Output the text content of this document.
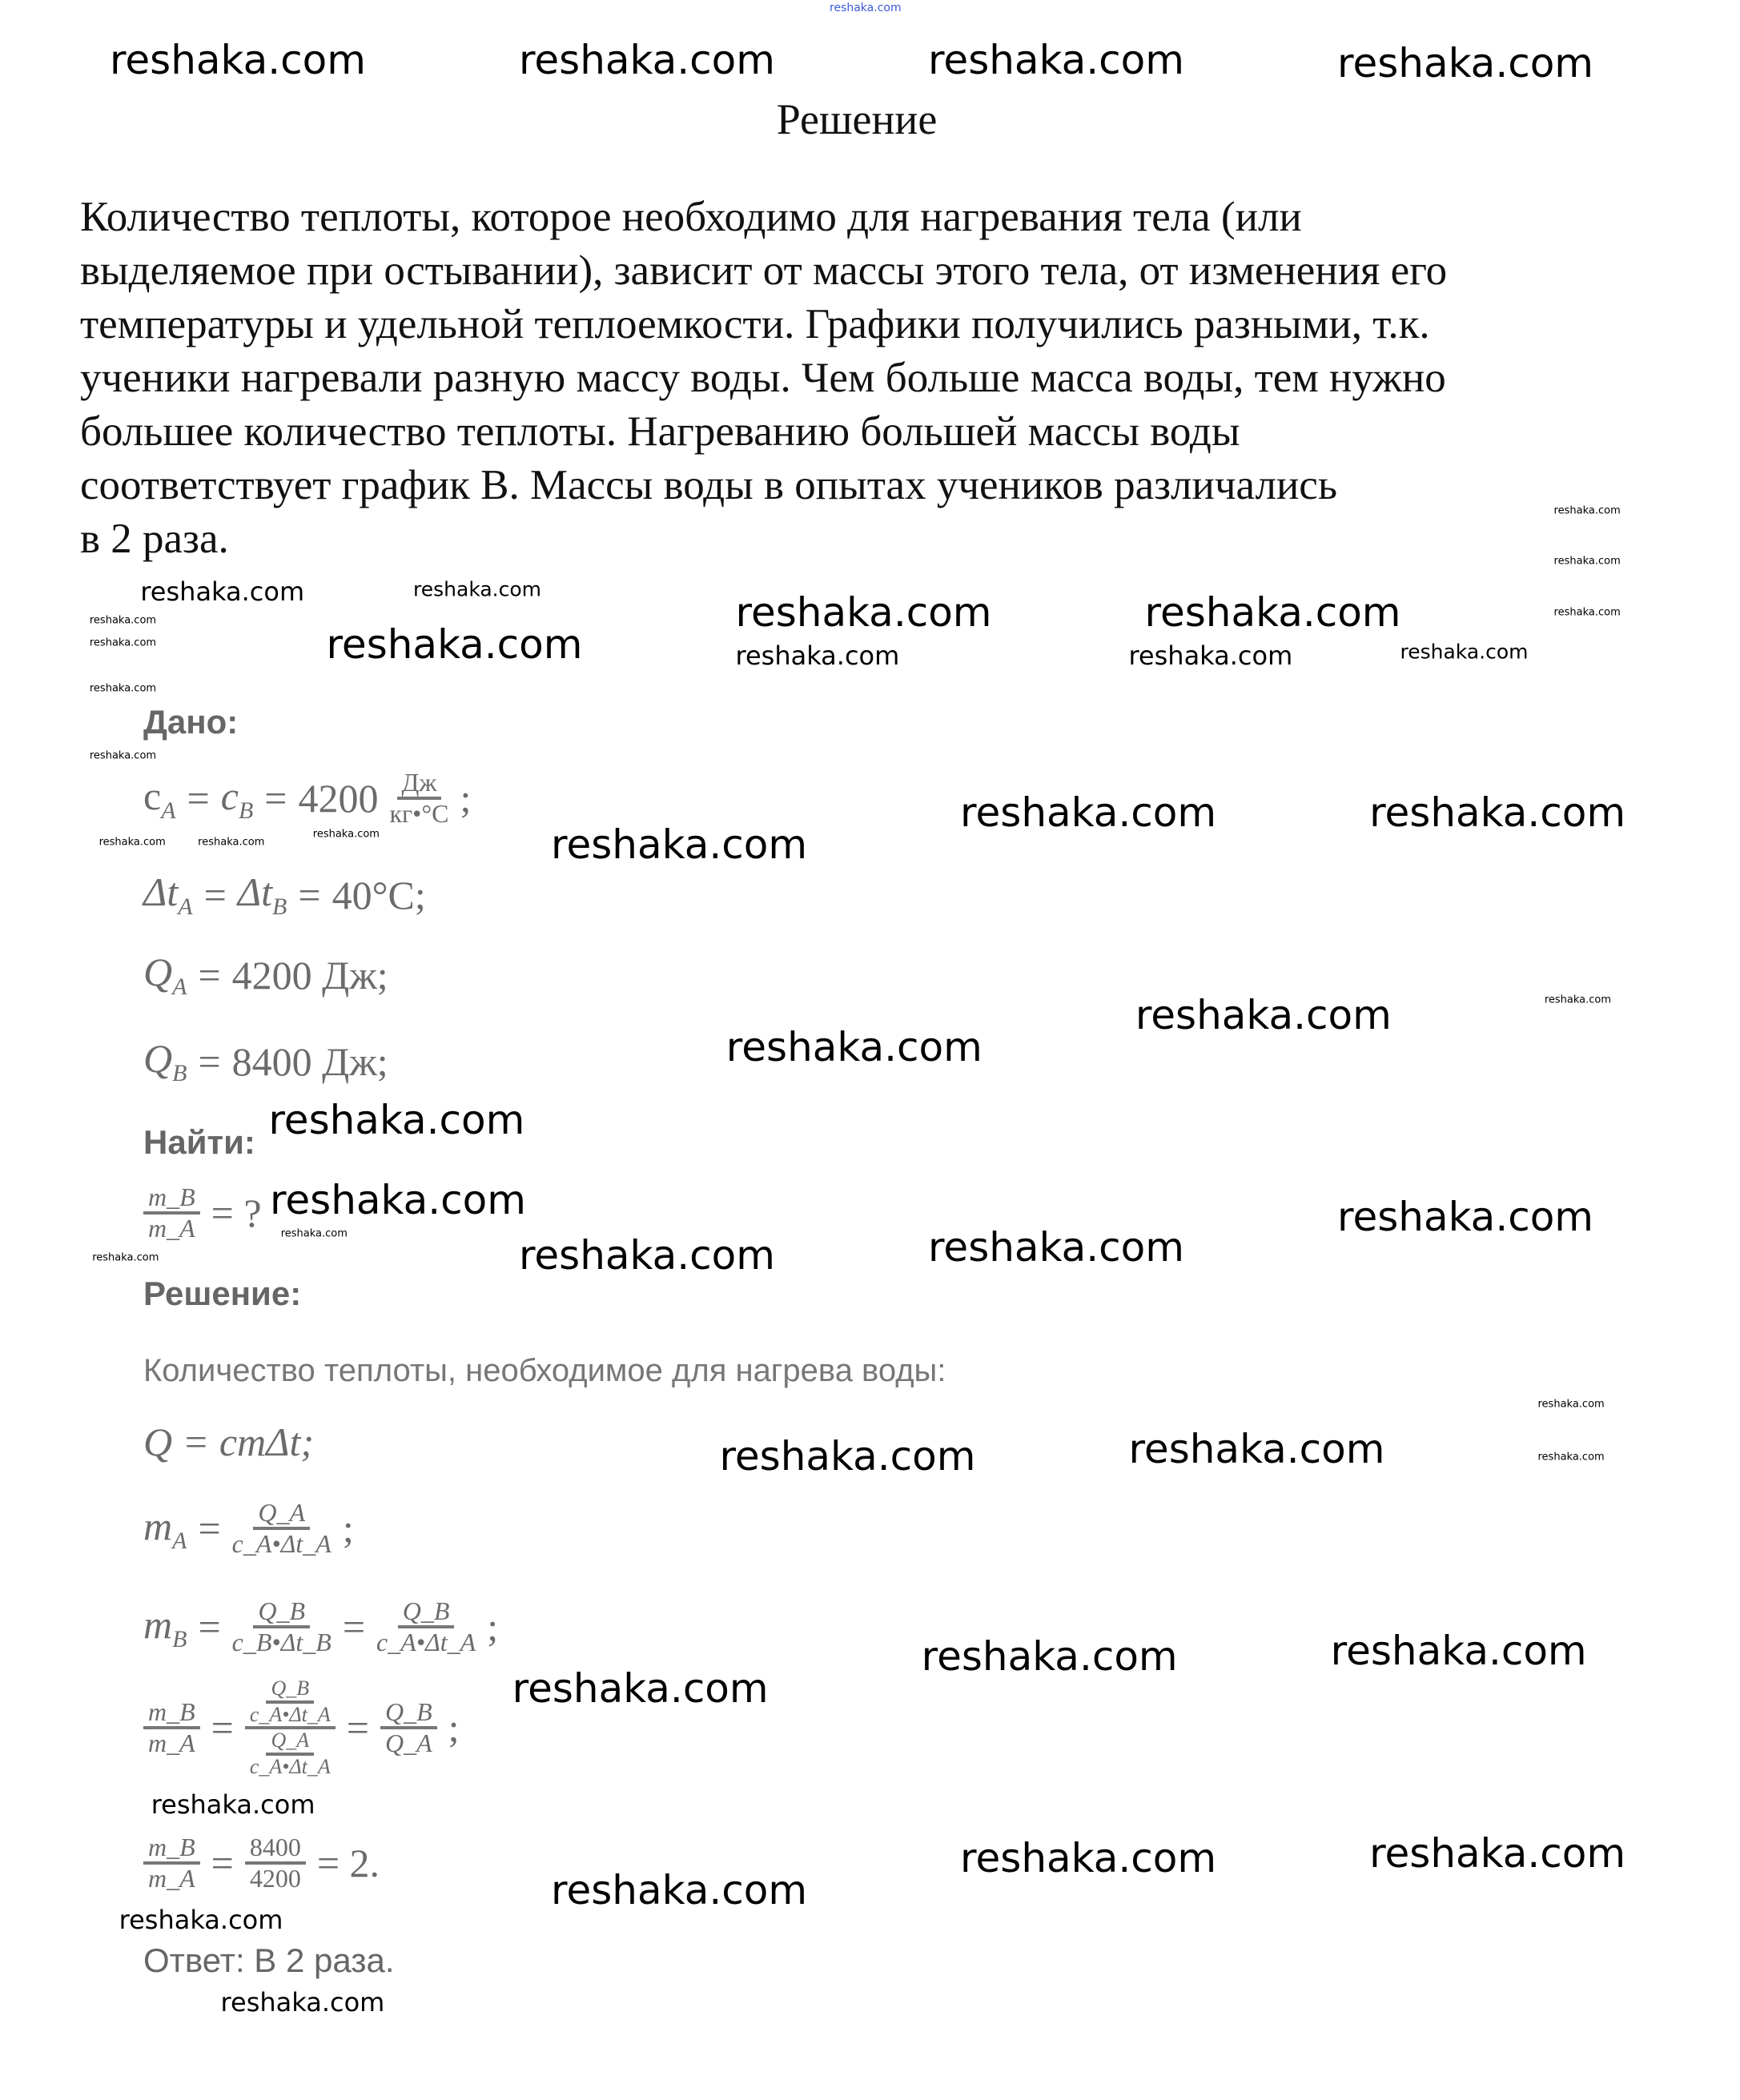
reshaka.com
Решение
Количество теплоты, которое необходимо для нагревания тела (или
выделяемое при остывании), зависит от массы этого тела, от изменения его
температуры и удельной теплоемкости. Графики получились разными, т.к.
ученики нагревали разную массу воды. Чем больше масса воды, тем нужно
большее количество теплоты. Нагреванию большей массы воды
соответствует график В. Массы воды в опытах учеников различались
в 2 раза.
Дано:
$c_A = c_B = 4200$ Дж
кг•°C ;
$\Delta t_A = \Delta t_B = 40^\circ C$;
$Q_A = 4200$ Дж;
$Q_B = 8400$ Дж;
Найти:
$\frac{m\_B}{m\_A}$ = ?
Решение:
Количество теплоты, необходимое для нагрева воды:
Q = cmΔt;
$m_A = \frac{Q\_A}{c\_A•\Delta t\_A}$ ;
$m_B = \frac{Q\_B}{c\_B•\Delta t\_B} = \frac{Q\_B}{c\_A•\Delta t\_A}$ ;
$\frac{m\_B}{m\_A} = \frac{\frac{Q\_B}{c\_A•\Delta t\_A}}{\frac{Q\_A}{c\_A•\Delta t\_A}} = \frac{Q\_B}{Q\_A}$ ;
$\frac{m\_B}{m\_A} = \frac{8400}{4200} = 2$.
Ответ: В 2 раза.
reshaka.com	reshaka.com	reshaka.com	reshaka.com
reshaka.com	reshaka.com
reshaka.com
reshaka.com	reshaka.com
reshaka.com
reshaka.com
reshaka.com
reshaka.com
reshaka.com
reshaka.com	reshaka.com
reshaka.com
reshaka.com	reshaka.com
reshaka.com	reshaka.com
reshaka.com
reshaka.com	reshaka.com
reshaka.com
reshaka.com
reshaka.com	reshaka.com
reshaka.com
reshaka.com
reshaka.com
reshaka.com
reshaka.com
reshaka.com
reshaka.com
reshaka.com
reshaka.com
reshaka.com
reshaka.com
reshaka.com
reshaka.com	reshaka.com
reshaka.com
reshaka.com
reshaka.com
reshaka.com
reshaka.com
reshaka.com
